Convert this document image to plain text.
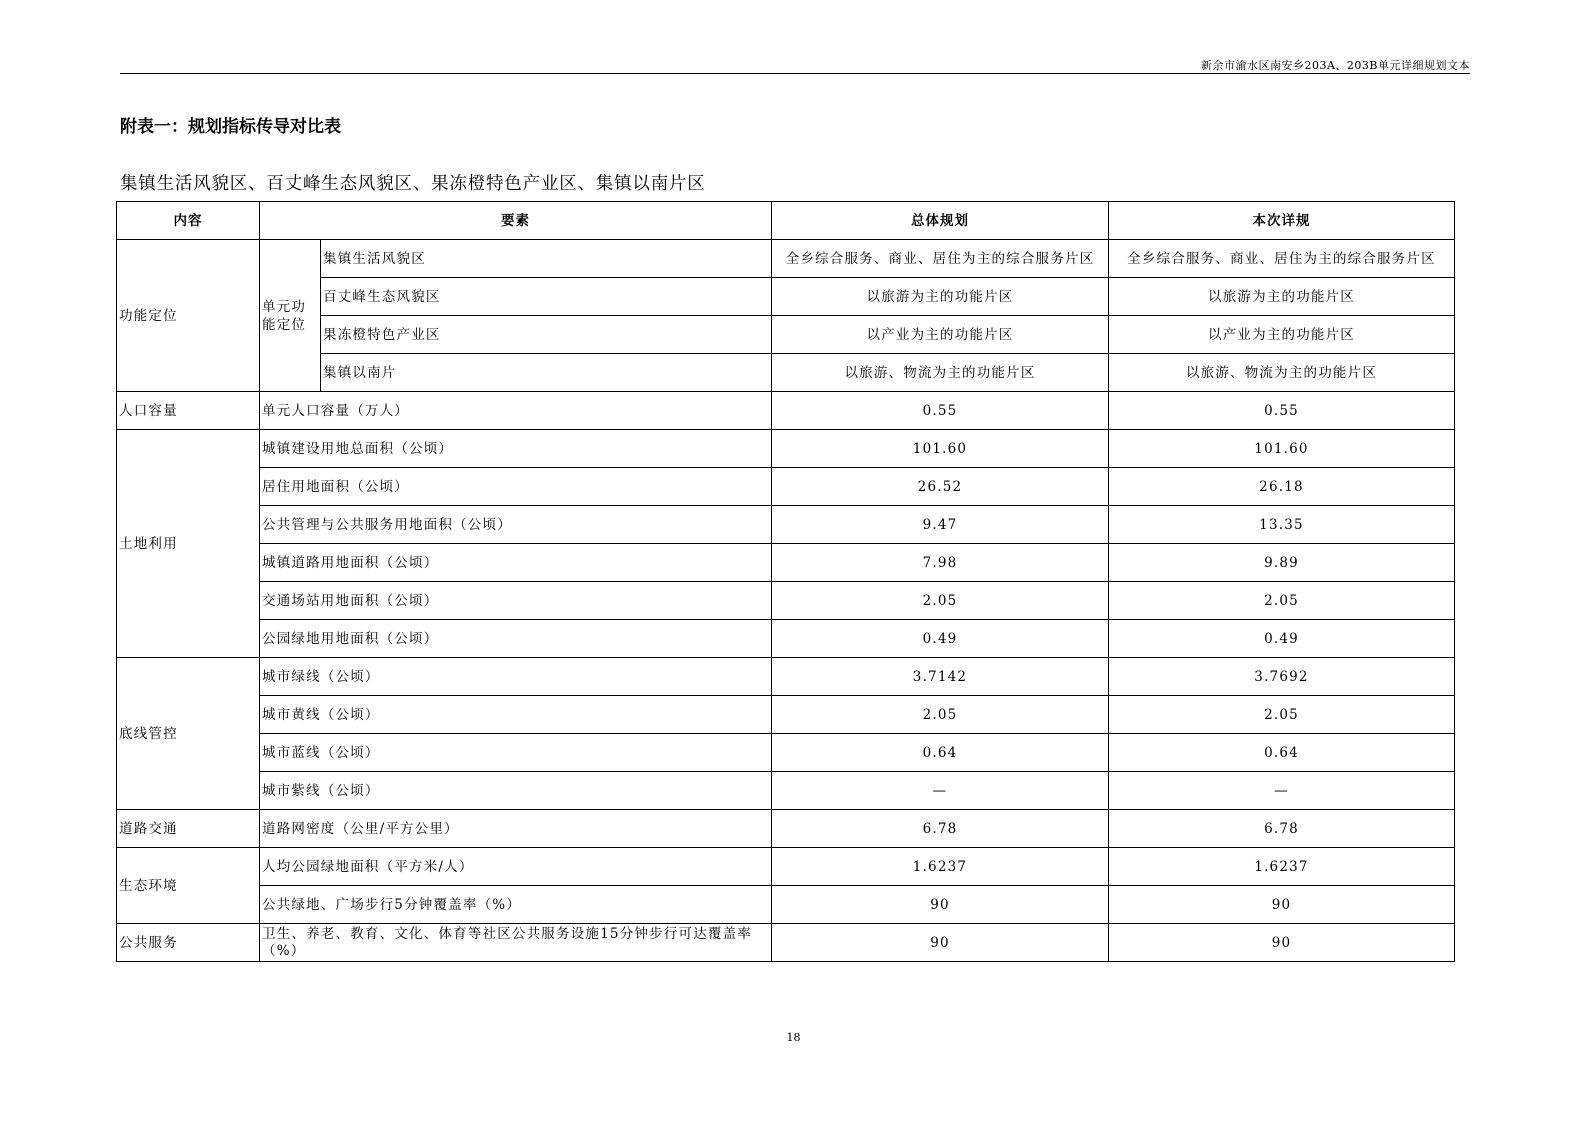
新余市渝水区南安乡203A、203B单元详细规划文本
附表一：规划指标传导对比表
集镇生活风貌区、百丈峰生态风貌区、果冻橙特色产业区、集镇以南片区
内容	要素		总体规划	本次详规
功能定位	单元功能定位	集镇生活风貌区	全乡综合服务、商业、居住为主的综合服务片区	全乡综合服务、商业、居住为主的综合服务片区
		百丈峰生态风貌区	以旅游为主的功能片区	以旅游为主的功能片区
		果冻橙特色产业区	以产业为主的功能片区	以产业为主的功能片区
		集镇以南片	以旅游、物流为主的功能片区	以旅游、物流为主的功能片区
人口容量	单元人口容量（万人）		0.55	0.55
土地利用	城镇建设用地总面积（公顷）		101.60	101.60
	居住用地面积（公顷）		26.52	26.18
	公共管理与公共服务用地面积（公顷）		9.47	13.35
	城镇道路用地面积（公顷）		7.98	9.89
	交通场站用地面积（公顷）		2.05	2.05
	公园绿地用地面积（公顷）		0.49	0.49
底线管控	城市绿线（公顷）		3.7142	3.7692
	城市黄线（公顷）		2.05	2.05
	城市蓝线（公顷）		0.64	0.64
	城市紫线（公顷）		—	—
道路交通	道路网密度（公里/平方公里）		6.78	6.78
生态环境	人均公园绿地面积（平方米/人）		1.6237	1.6237
	公共绿地、广场步行5分钟覆盖率（%）		90	90
公共服务	卫生、养老、教育、文化、体育等社区公共服务设施15分钟步行可达覆盖率（%）		90	90
18
